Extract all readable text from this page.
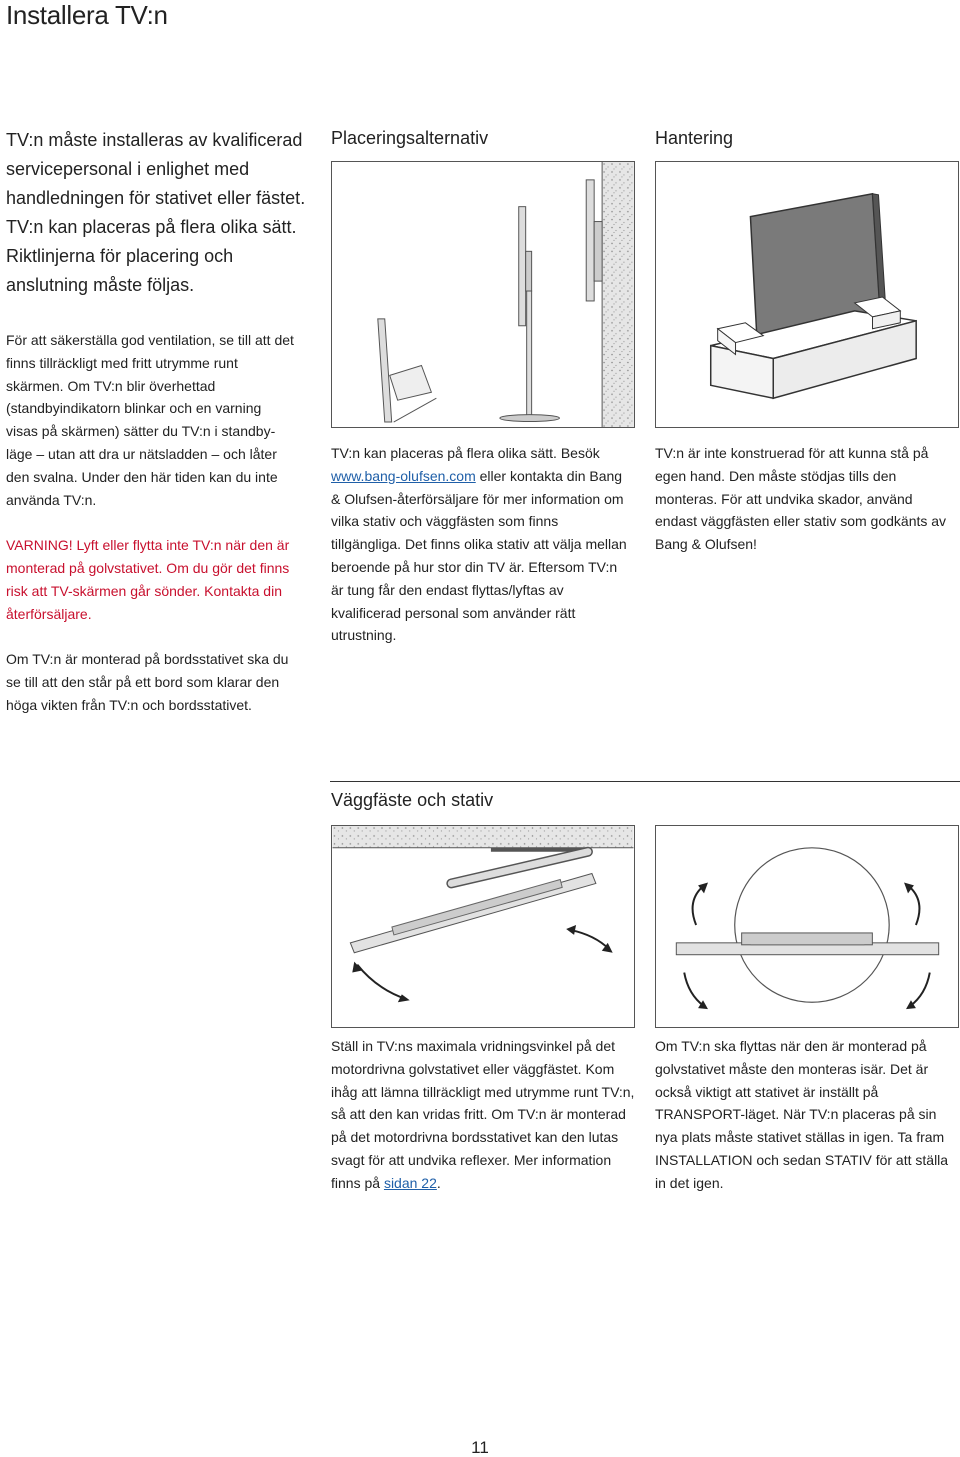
Installera TV:n
TV:n måste installeras av kvalificerad servicepersonal i enlighet med handledningen för stativet eller fästet. TV:n kan placeras på flera olika sätt. Riktlinjerna för placering och anslutning måste följas.

För att säkerställa god ventilation, se till att det finns tillräckligt med fritt utrymme runt skärmen. Om TV:n blir överhettad (standbyindikatorn blinkar och en varning visas på skärmen) sätter du TV:n i standby-läge – utan att dra ur nätsladden – och låter den svalna. Under den här tiden kan du inte använda TV:n.

VARNING! Lyft eller flytta inte TV:n när den är monterad på golvstativet. Om du gör det finns risk att TV-skärmen går sönder. Kontakta din återförsäljare.

Om TV:n är monterad på bordsstativet ska du se till att den står på ett bord som klarar den höga vikten från TV:n och bordsstativet.

Placeringsalternativ

TV:n kan placeras på flera olika sätt. Besök www.bang-olufsen.com eller kontakta din Bang & Olufsen-återförsäljare för mer information om vilka stativ och väggfästen som finns tillgängliga. Det finns olika stativ att välja mellan beroende på hur stor din TV är. Eftersom TV:n är tung får den endast flyttas/lyftas av kvalificerad personal som använder rätt utrustning.

Hantering
TV:n är inte konstruerad för att kunna stå på egen hand. Den måste stödjas tills den monteras. För att undvika skador, använd endast väggfästen eller stativ som godkänts av Bang & Olufsen!
Väggfäste och stativ

Ställ in TV:ns maximala vridningsvinkel på det motordrivna golvstativet eller väggfästet. Kom ihåg att lämna tillräckligt med utrymme runt TV:n, så att den kan vridas fritt. Om TV:n är monterad på det motordrivna bordsstativet kan den lutas svagt för att undvika reflexer. Mer information finns på sidan 22.

Om TV:n ska flyttas när den är monterad på golvstativet måste den monteras isär. Det är också viktigt att stativet är inställt på TRANSPORT-läget. När TV:n placeras på sin nya plats måste stativet ställas in igen. Ta fram INSTALLATION och sedan STATIV för att ställa in det igen.
11
